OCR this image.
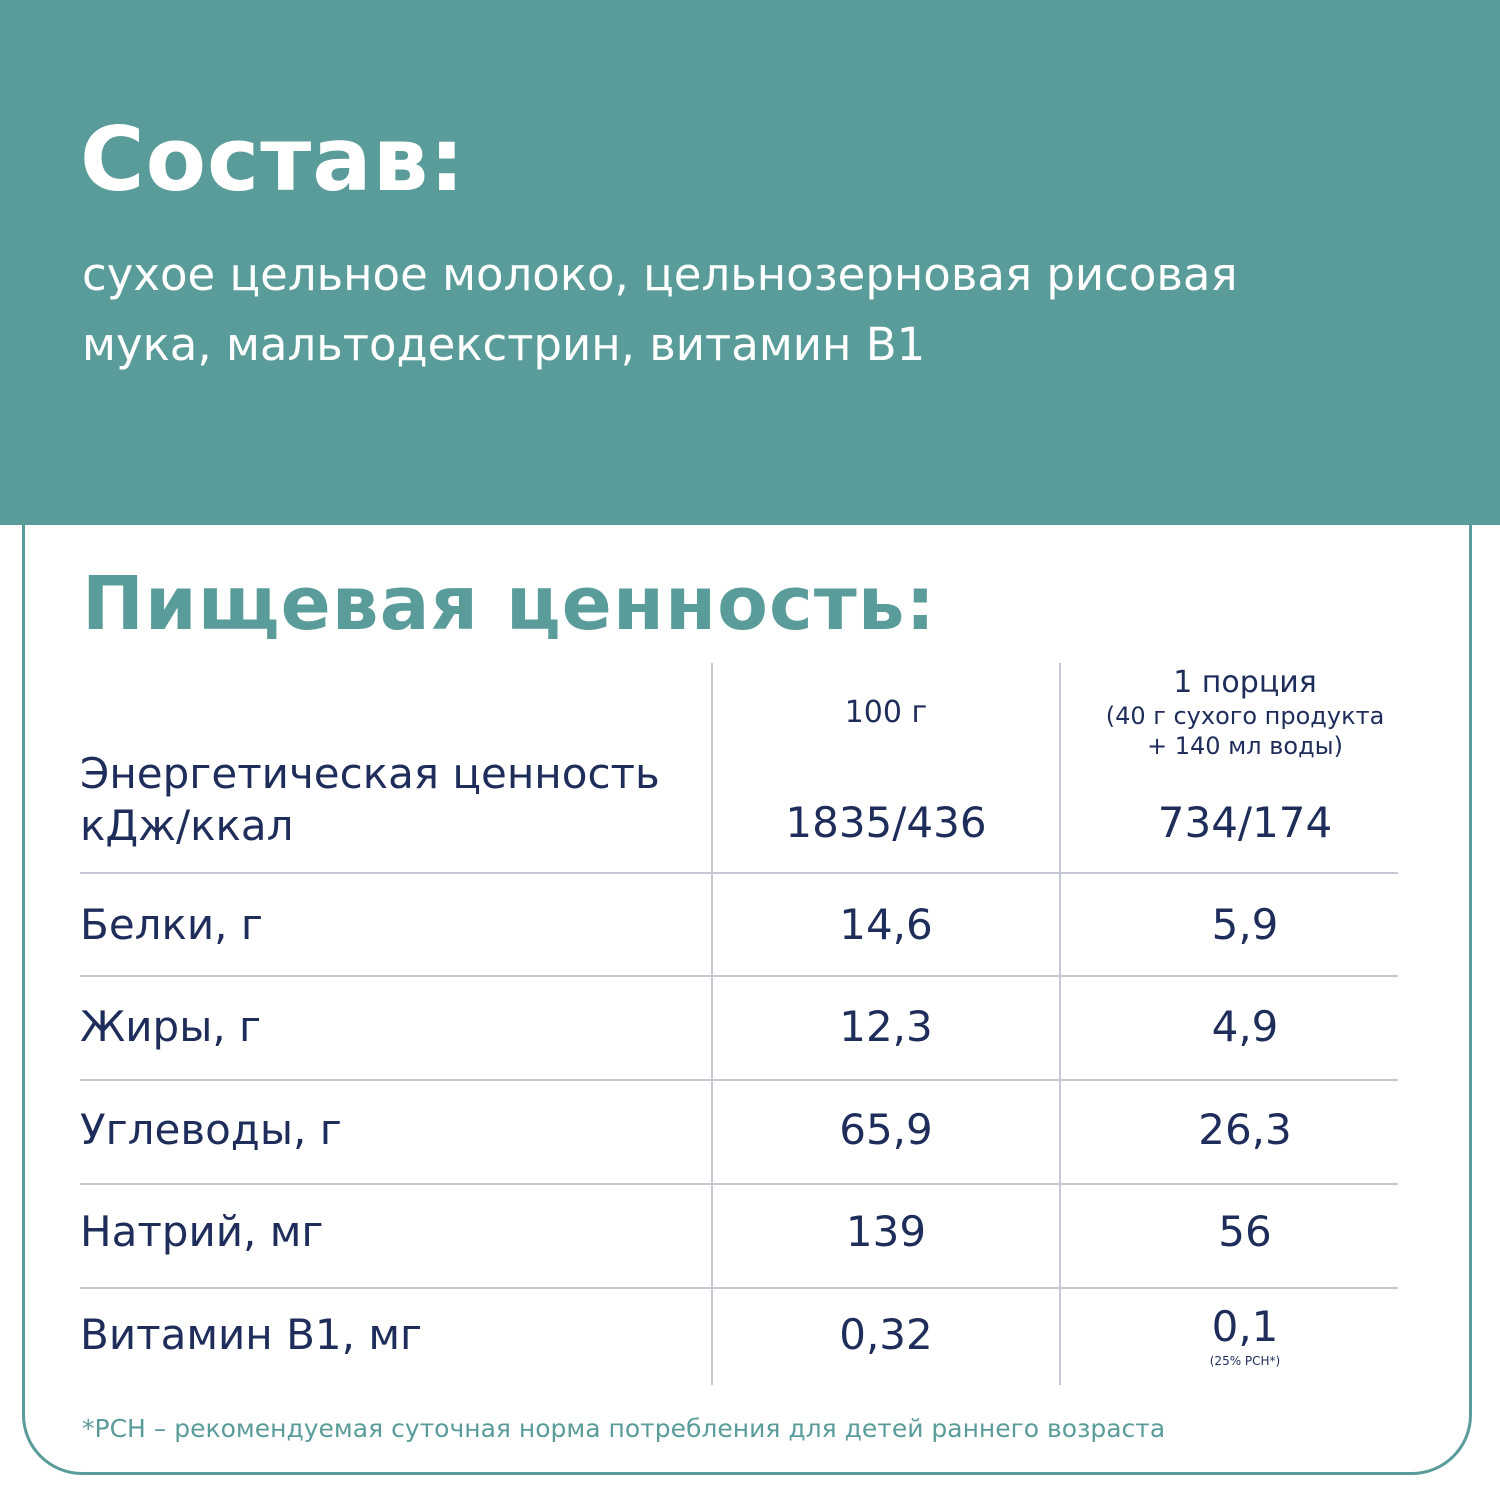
Состав:
сухое цельное молоко, цельнозерновая рисовая
мука, мальтодекстрин, витамин B1
Пищевая ценность:
100 г
1 порция
(40 г сухого продукта
+ 140 мл воды)
Энергетическая ценность
кДж/ккал	1835/436	734/174
Белки, г	14,6	5,9
Жиры, г	12,3	4,9
Углеводы, г	65,9	26,3
Натрий, мг	139	56
Витамин B1, мг	0,32	0,1
(25% РСН*)

*РСН – рекомендуемая суточная норма потребления для детей раннего возраста
